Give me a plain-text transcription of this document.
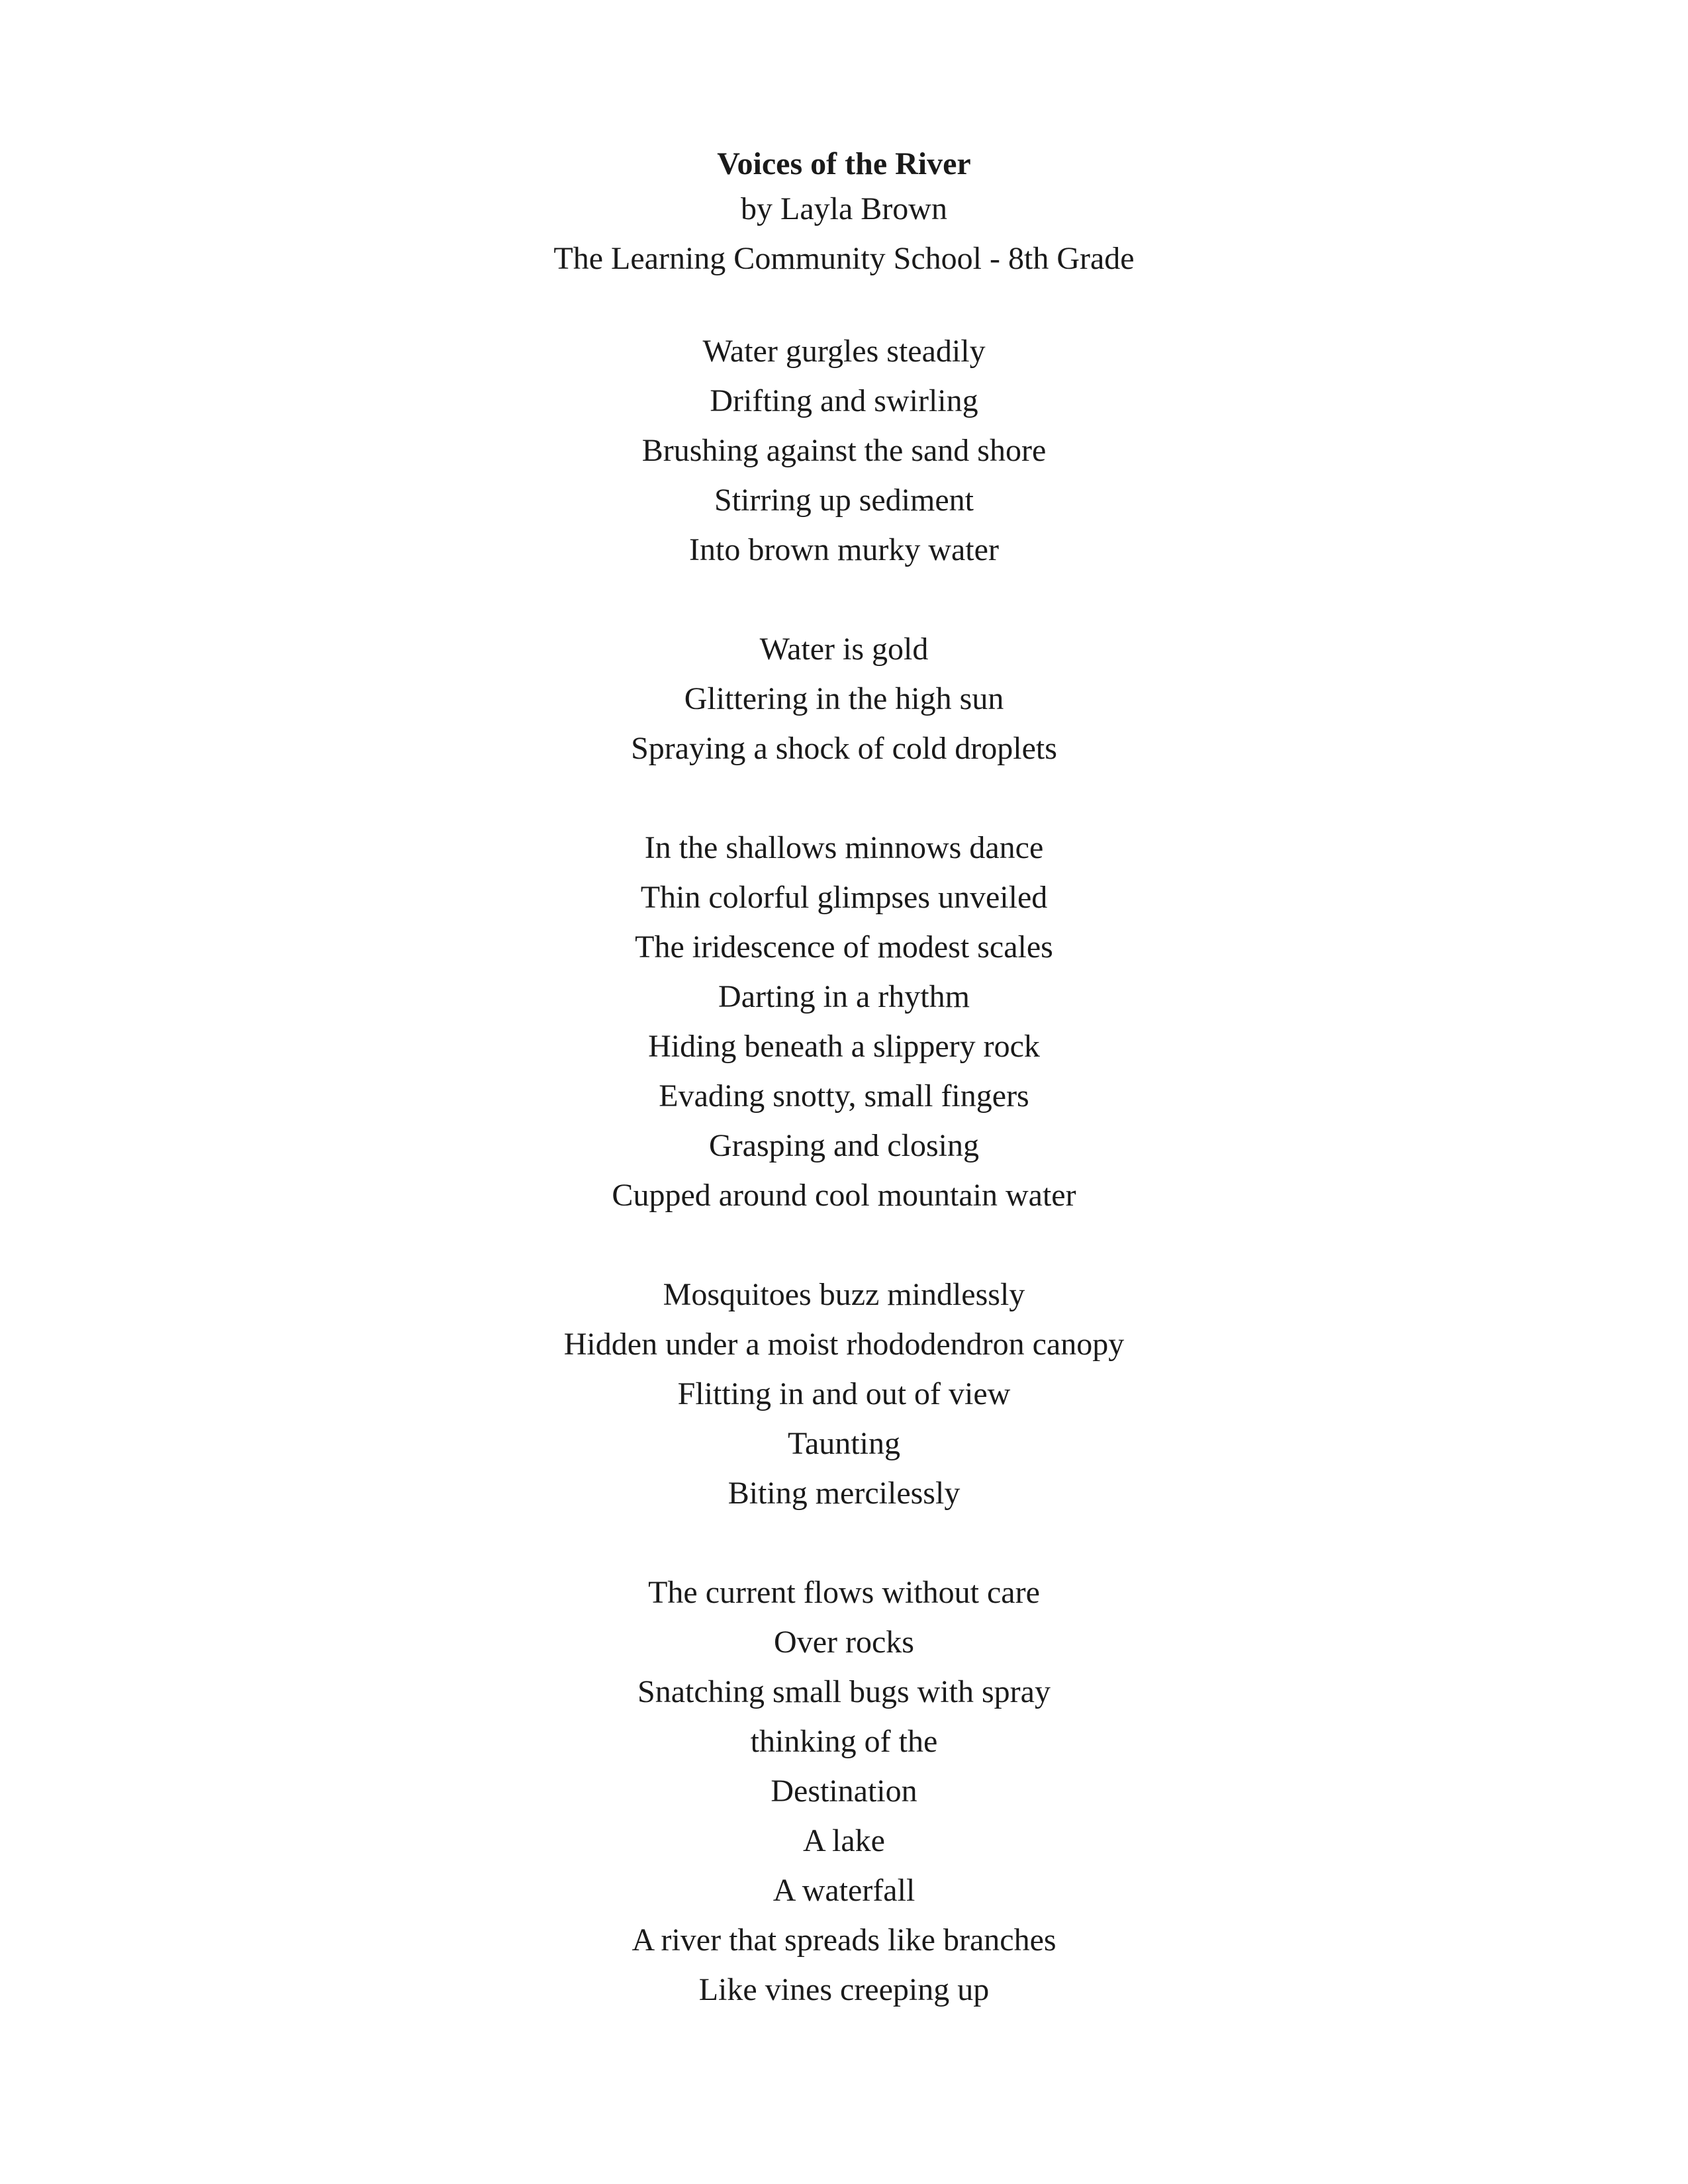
Voices of the River
by Layla Brown
The Learning Community School - 8th Grade
Water gurgles steadily
Drifting and swirling
Brushing against the sand shore
Stirring up sediment
Into brown murky water
Water is gold
Glittering in the high sun
Spraying a shock of cold droplets
In the shallows minnows dance
Thin colorful glimpses unveiled
The iridescence of modest scales
Darting in a rhythm
Hiding beneath a slippery rock
Evading snotty, small fingers
Grasping and closing
Cupped around cool mountain water
Mosquitoes buzz mindlessly
Hidden under a moist rhododendron canopy
Flitting in and out of view
Taunting
Biting mercilessly
The current flows without care
Over rocks
Snatching small bugs with spray
thinking of the
Destination
A lake
A waterfall
A river that spreads like branches
Like vines creeping up
